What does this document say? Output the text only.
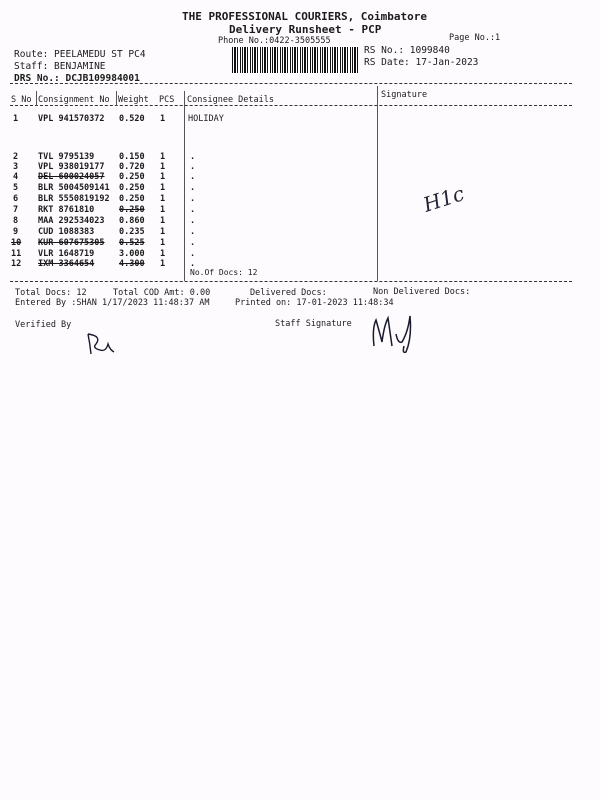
THE PROFESSIONAL COURIERS, Coimbatore
Delivery Runsheet - PCP
Phone No.:0422-3505555	Page No.:1
Route: PEELAMEDU ST PC4
Staff: BENJAMINE
DRS No.: DCJB109984001
RS No.: 1099840
RS Date: 17-Jan-2023
S No Consignment No Weight PCS Consignee Details	Signature
1 VPL 941570372 0.520 1	HOLIDAY
2 TVL 9795139	0.150 1	.
3 VPL 938019177 0.720 1	.
4 DEL 600024057 0.250 1	.
5 BLR 5004509141 0.250 1	.
6 BLR 5550819192 0.250 1	.
7 RKT 8761810	0.250 1	.
8 MAA 292534023 0.860 1	.
9 CUD 1088383	0.235 1	.
10 KUR 607675305 0.525 1	.
11 VLR 1648719	3.000 1	.
12 IXM 3364654	4.300 1	.
No.Of Docs: 12
Total Docs: 12	Total COD Amt: 0.00	Delivered Docs:	Non Delivered Docs:
Entered By :SHAN 1/17/2023 11:48:37 AM	Printed on: 17-01-2023 11:48:34
Verified By	Staff Signature
H1c
